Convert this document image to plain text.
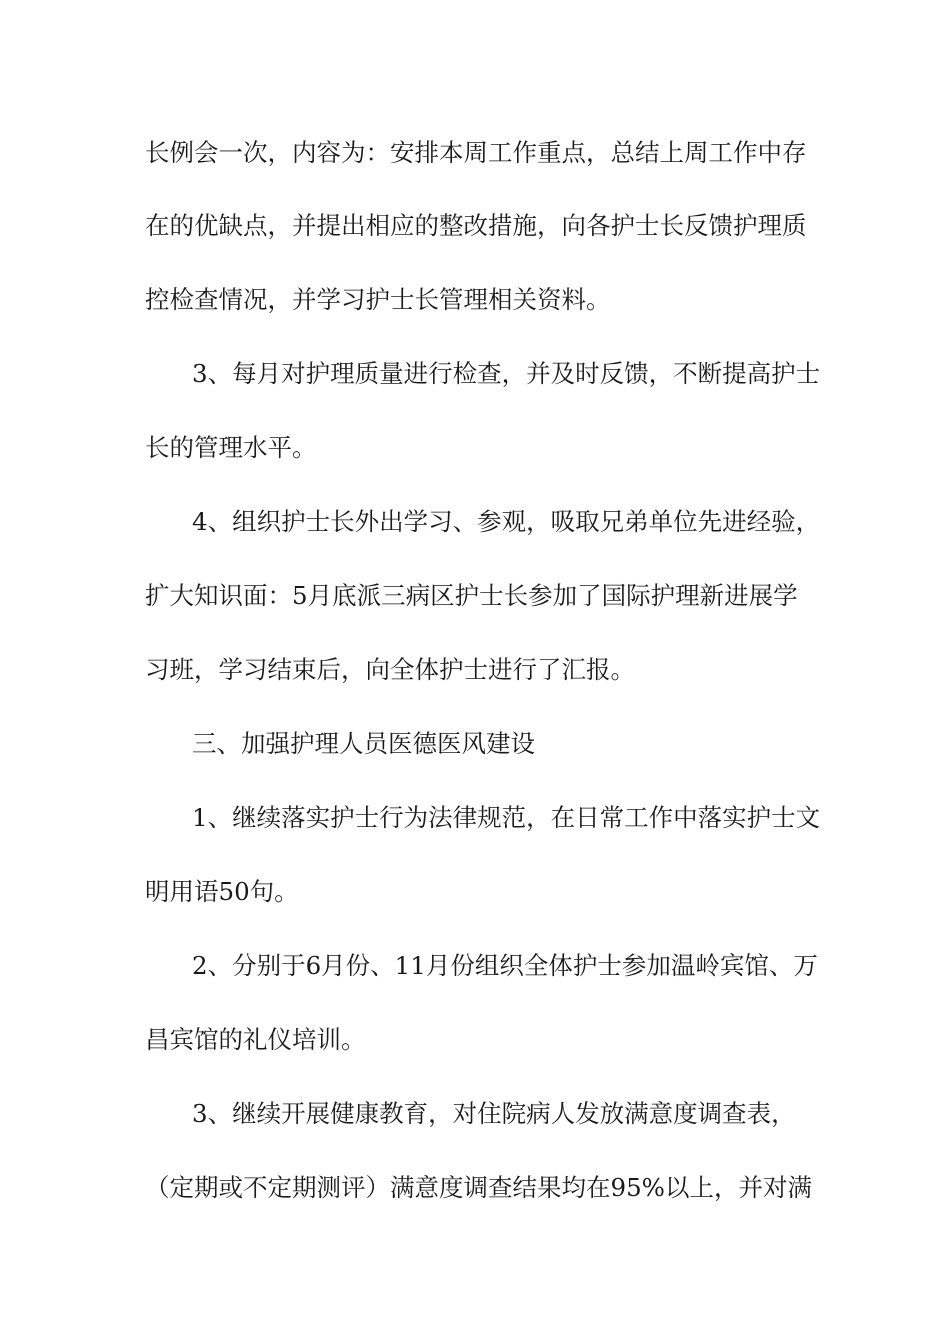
长例会一次，内容为：安排本周工作重点，总结上周工作中存

在的优缺点，并提出相应的整改措施，向各护士长反馈护理质

控检查情况，并学习护士长管理相关资料。

3、每月对护理质量进行检查，并及时反馈，不断提高护士

长的管理水平。

4、组织护士长外出学习、参观，吸取兄弟单位先进经验，

扩大知识面：5月底派三病区护士长参加了国际护理新进展学

习班，学习结束后，向全体护士进行了汇报。

三、加强护理人员医德医风建设

1、继续落实护士行为法律规范，在日常工作中落实护士文

明用语50句。

2、分别于6月份、11月份组织全体护士参加温岭宾馆、万

昌宾馆的礼仪培训。

3、继续开展健康教育，对住院病人发放满意度调查表，

（定期或不定期测评）满意度调查结果均在95%以上，并对满
